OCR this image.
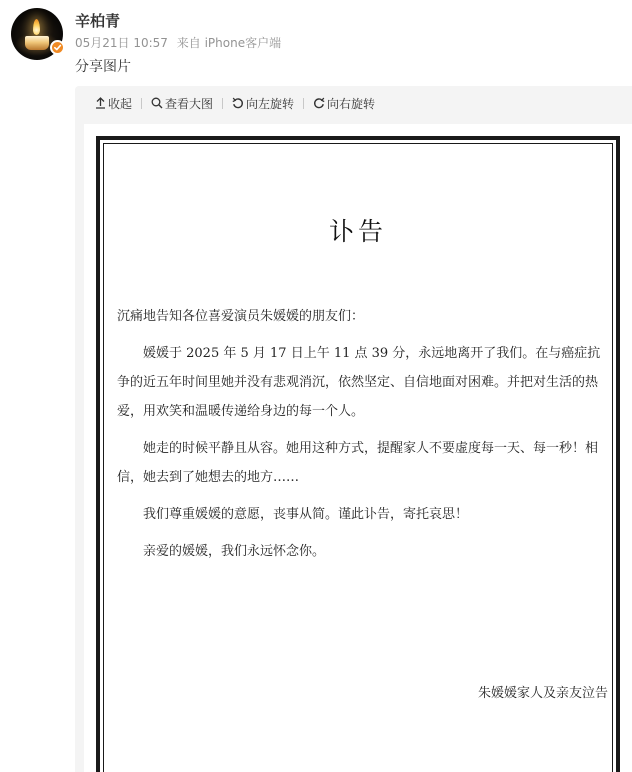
辛柏青
05月21日 10:57 来自 iPhone客户端
分享图片
收起	查看大图	向左旋转	向右旋转
讣告

沉痛地告知各位喜爱演员朱媛媛的朋友们：

媛媛于 2025 年 5 月 17 日上午 11 点 39 分，永远地离开了我们。在与癌症抗争的近五年时间里她并没有悲观消沉，依然坚定、自信地面对困难。并把对生活的热爱，用欢笑和温暖传递给身边的每一个人。

她走的时候平静且从容。她用这种方式，提醒家人不要虚度每一天、每一秒！相信，她去到了她想去的地方……

我们尊重媛媛的意愿，丧事从简。谨此讣告，寄托哀思！

亲爱的媛媛，我们永远怀念你。

朱媛媛家人及亲友泣告
